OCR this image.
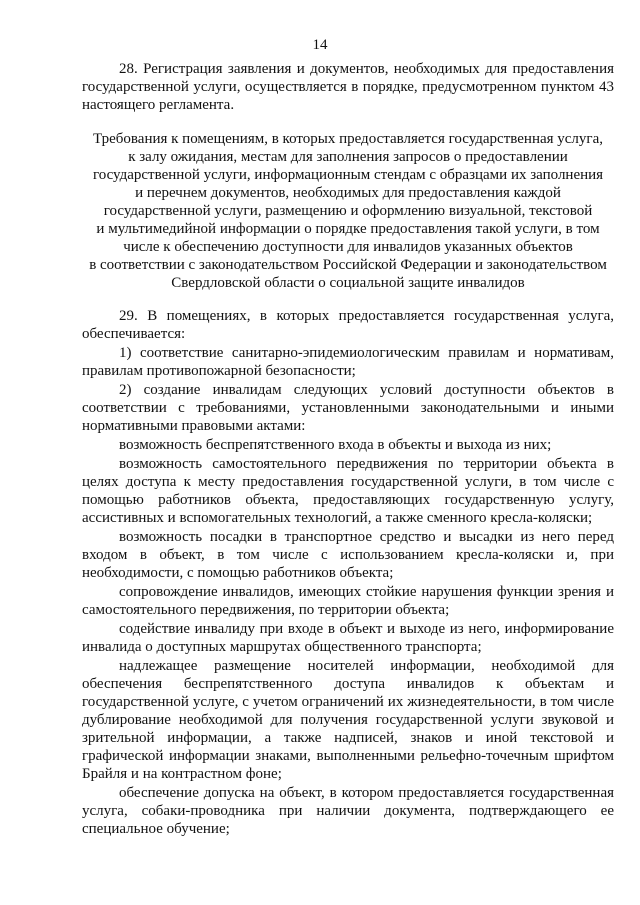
14

28. Регистрация заявления и документов, необходимых для предоставления государственной услуги, осуществляется в порядке, предусмотренном пунктом 43 настоящего регламента.

Требования к помещениям, в которых предоставляется государственная услуга,
к залу ожидания, местам для заполнения запросов о предоставлении
государственной услуги, информационным стендам с образцами их заполнения
и перечнем документов, необходимых для предоставления каждой
государственной услуги, размещению и оформлению визуальной, текстовой
и мультимедийной информации о порядке предоставления такой услуги, в том
числе к обеспечению доступности для инвалидов указанных объектов
в соответствии с законодательством Российской Федерации и законодательством
Свердловской области о социальной защите инвалидов

29. В помещениях, в которых предоставляется государственная услуга, обеспечивается:

1) соответствие санитарно-эпидемиологическим правилам и нормативам, правилам противопожарной безопасности;

2) создание инвалидам следующих условий доступности объектов в соответствии с требованиями, установленными законодательными и иными нормативными правовыми актами:

возможность беспрепятственного входа в объекты и выхода из них;

возможность самостоятельного передвижения по территории объекта в целях доступа к месту предоставления государственной услуги, в том числе с помощью работников объекта, предоставляющих государственную услугу, ассистивных и вспомогательных технологий, а также сменного кресла-коляски;

возможность посадки в транспортное средство и высадки из него перед входом в объект, в том числе с использованием кресла-коляски и, при необходимости, с помощью работников объекта;

сопровождение инвалидов, имеющих стойкие нарушения функции зрения и самостоятельного передвижения, по территории объекта;

содействие инвалиду при входе в объект и выходе из него, информирование инвалида о доступных маршрутах общественного транспорта;

надлежащее размещение носителей информации, необходимой для обеспечения беспрепятственного доступа инвалидов к объектам и государственной услуге, с учетом ограничений их жизнедеятельности, в том числе дублирование необходимой для получения государственной услуги звуковой и зрительной информации, а также надписей, знаков и иной текстовой и графической информации знаками, выполненными рельефно-точечным шрифтом Брайля и на контрастном фоне;

обеспечение допуска на объект, в котором предоставляется государственная услуга, собаки-проводника при наличии документа, подтверждающего ее специальное обучение;
